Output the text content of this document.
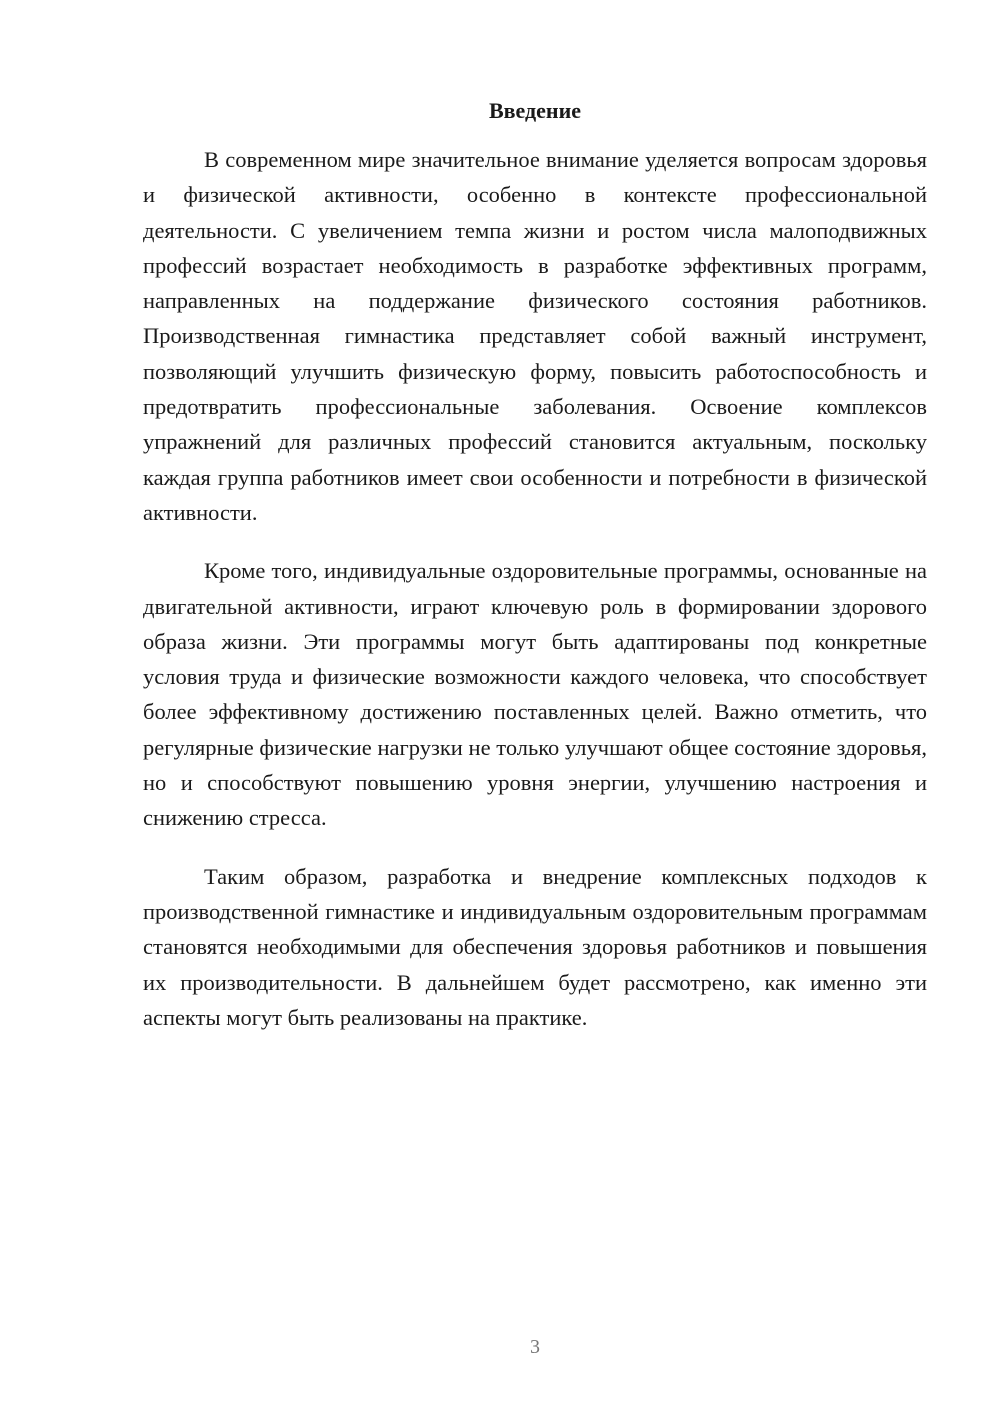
Введение

В современном мире значительное внимание уделяется вопросам здоровья и физической активности, особенно в контексте профессиональной деятельности. С увеличением темпа жизни и ростом числа малоподвижных профессий возрастает необходимость в разработке эффективных программ, направленных на поддержание физического состояния работников. Производственная гимнастика представляет собой важный инструмент, позволяющий улучшить физическую форму, повысить работоспособность и предотвратить профессиональные заболевания. Освоение комплексов упражнений для различных профессий становится актуальным, поскольку каждая группа работников имеет свои особенности и потребности в физической активности.

Кроме того, индивидуальные оздоровительные программы, основанные на двигательной активности, играют ключевую роль в формировании здорового образа жизни. Эти программы могут быть адаптированы под конкретные условия труда и физические возможности каждого человека, что способствует более эффективному достижению поставленных целей. Важно отметить, что регулярные физические нагрузки не только улучшают общее состояние здоровья, но и способствуют повышению уровня энергии, улучшению настроения и снижению стресса.

Таким образом, разработка и внедрение комплексных подходов к производственной гимнастике и индивидуальным оздоровительным программам становятся необходимыми для обеспечения здоровья работников и повышения их производительности. В дальнейшем будет рассмотрено, как именно эти аспекты могут быть реализованы на практике.

3
